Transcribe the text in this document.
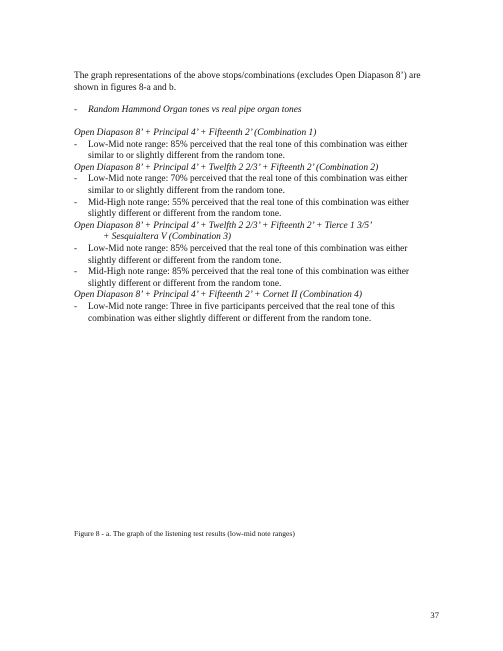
The graph representations of the above stops/combinations (excludes Open Diapason 8’) are shown in figures 8-a and b.

- Random Hammond Organ tones vs real pipe organ tones

Open Diapason 8’ + Principal 4’ + Fifteenth 2’ (Combination 1)

- Low-Mid note range: 85% perceived that the real tone of this combination was either similar to or slightly different from the random tone.

Open Diapason 8’ + Principal 4’ + Twelfth 2 2/3’ + Fifteenth 2’ (Combination 2)

- Low-Mid note range: 70% perceived that the real tone of this combination was either similar to or slightly different from the random tone.

- Mid-High note range: 55% perceived that the real tone of this combination was either slightly different or different from the random tone.

Open Diapason 8’ + Principal 4’ + Twelfth 2 2/3’ + Fifteenth 2’ + Tierce 1 3/5’

+ Sesquialtera V (Combination 3)

- Low-Mid note range: 85% perceived that the real tone of this combination was either slightly different or different from the random tone.

- Mid-High note range: 85% perceived that the real tone of this combination was either slightly different or different from the random tone.

Open Diapason 8’ + Principal 4’ + Fifteenth 2’ + Cornet II (Combination 4)

- Low-Mid note range: Three in five participants perceived that the real tone of this combination was either slightly different or different from the random tone.

Figure 8 - a. The graph of the listening test results (low-mid note ranges)

37
